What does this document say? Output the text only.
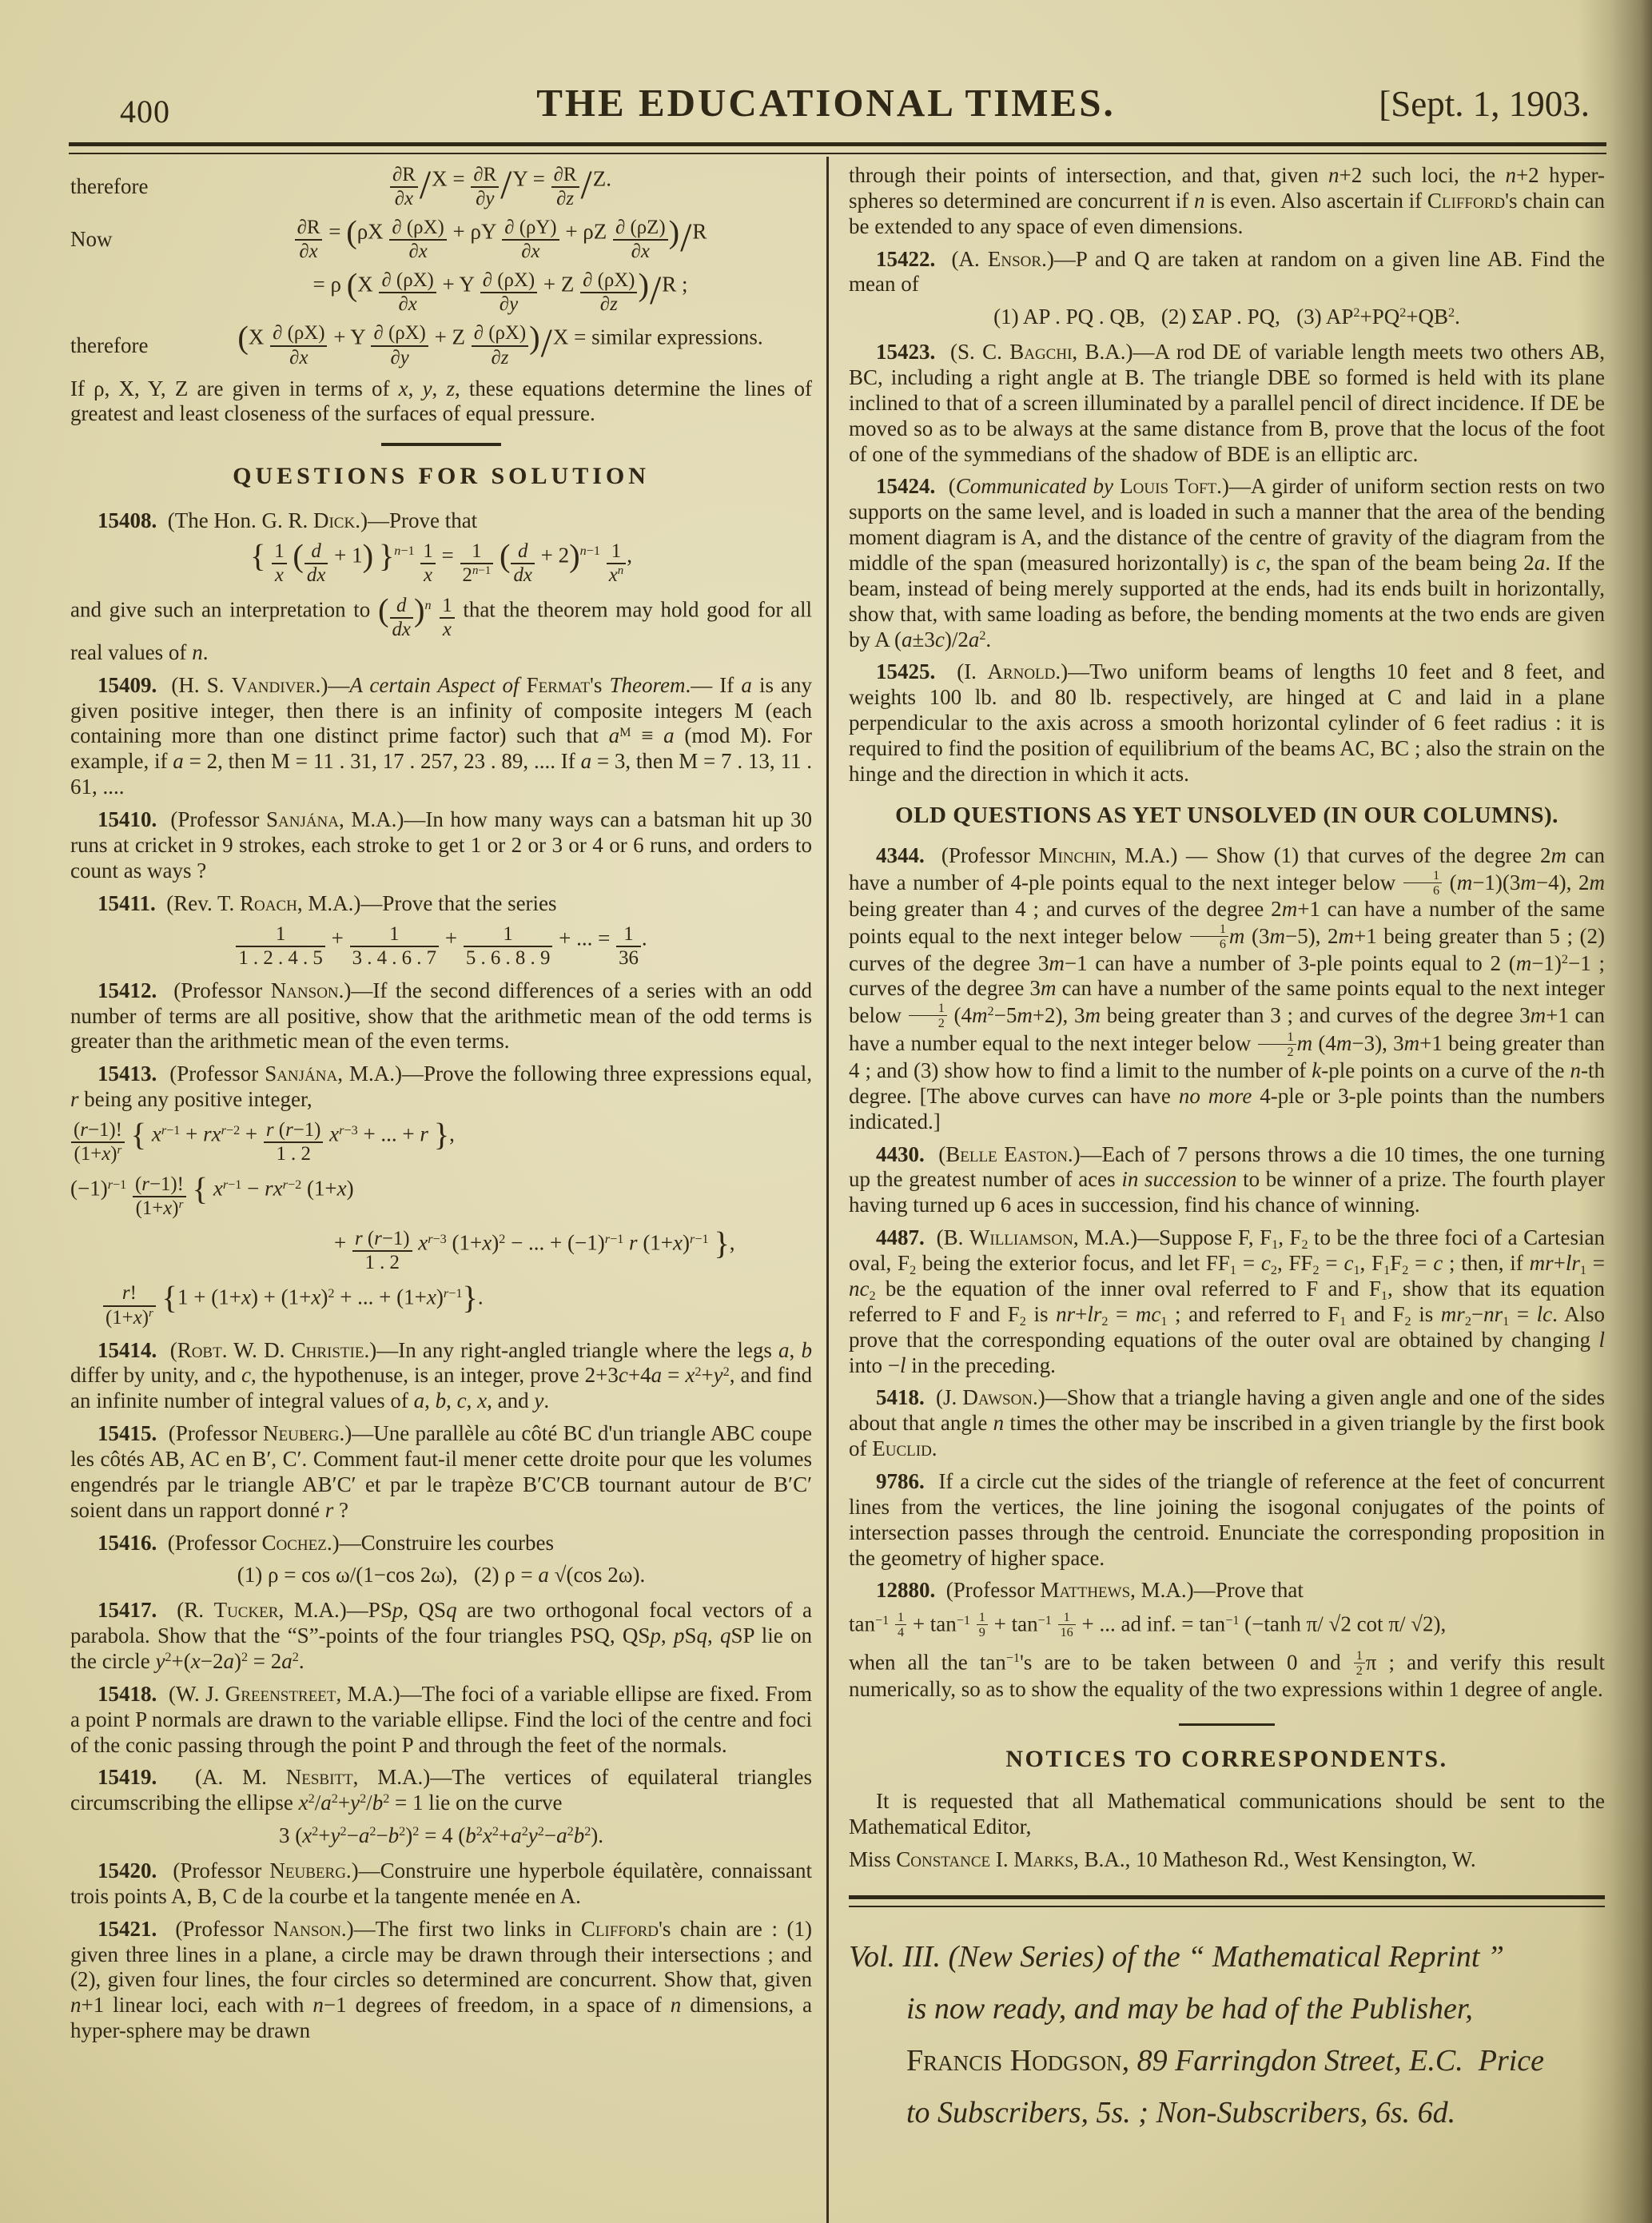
400	THE EDUCATIONAL TIMES.	[Sept. 1, 1903.
therefore	$\frac{\partial R}{\partial x} /X = \frac{\partial R}{\partial y} /Y = \frac{\partial R}{\partial z} /Z$.
Now	$\frac{\partial R}{\partial x} = (\rho X \frac{\partial (\rho X)}{\partial x} + \rho Y \frac{\partial (\rho Y)}{\partial x} + \rho Z \frac{\partial (\rho Z)}{\partial x} )/R$
= ρ $(X \frac{\partial (\rho X)}{\partial x} + Y \frac{\partial (\rho X)}{\partial y} + Z \frac{\partial (\rho X)}{\partial z} )/R$ ;
therefore	$(X \frac{\partial (\rho X)}{\partial x} + Y \frac{\partial (\rho X)}{\partial y} + Z \frac{\partial (\rho X)}{\partial z} )/X$ = similar expressions.

If ρ, X, Y, Z are given in terms of x, y, z, these equations determine the lines of greatest and least closeness of the surfaces of equal pressure.

QUESTIONS FOR SOLUTION

15408. (The Hon. G. R. Dick.)—Prove that

{ $\frac{1}{x}$ ( $\frac{d}{dx} + 1$) }$^{n-1} \frac{1}{x} = \frac{1}{2^{n-1}}$ ( $\frac{d}{dx} + 2)^{n-1} \frac{1}{x^n}$ ,

and give such an interpretation to ( $\frac{d}{dx} )^n \frac{1}{x}$ that the theorem may hold good for all real values of n.

15409. (H. S. Vandiver.)—A certain Aspect of Fermat's Theorem.— If a is any given positive integer, then there is an infinity of composite integers M (each containing more than one distinct prime factor) such that $a^M \equiv a$ (mod M). For example, if a = 2, then M = 11 . 31, 17 . 257, 23 . 89, .... If a = 3, then M = 7 . 13, 11 . 61, ....

15410. (Professor Sanjána, M.A.)—In how many ways can a batsman hit up 30 runs at cricket in 9 strokes, each stroke to get 1 or 2 or 3 or 4 or 6 runs, and orders to count as ways ?

15411. (Rev. T. Roach, M.A.)—Prove that the series

$\frac{1}{1 . 2 . 4 . 5} + \frac{1}{3 . 4 . 6 . 7} + \frac{1}{5 . 6 . 8 . 9}$ + ... = $\frac{1}{36}$ .

15412. (Professor Nanson.)—If the second differences of a series with an odd number of terms are all positive, show that the arithmetic mean of the odd terms is greater than the arithmetic mean of the even terms.

15413. (Professor Sanjána, M.A.)—Prove the following three expressions equal, r being any positive integer,

$\frac{(r-1)!}{(1+x)^r}$ { $x^{r-1} + rx^{r-2} + \frac{r (r-1)}{1 . 2} x^{r-3}$ + ... + r },
$(-1)^{r-1} \frac{(r-1)!}{(1+x)^r}$ { $x^{r-1} - rx^{r-2}$ (1+x)
+ $\frac{r (r-1)}{1 . 2} x^{r-3}$ $(1+x)^2$ − ... + $(-1)^{r-1}$ r $(1+x)^{r-1}$ },
$\frac{r!}{(1+x)^r} \{1 + (1+x) + (1+x)^2$ + ... + $(1+x)^{r-1}$}.

15414. (Robt. W. D. Christie.)—In any right-angled triangle where the legs a, b differ by unity, and c, the hypothenuse, is an integer, prove $2+3c+4a = x^2+y^2$, and find an infinite number of integral values of a, b, c, x, and y.

15415. (Professor Neuberg.)—Une parallèle au côté BC d'un triangle ABC coupe les côtés AB, AC en B′, C′. Comment faut-il mener cette droite pour que les volumes engendrés par le triangle AB′C′ et par le trapèze B′C′CB tournant autour de B′C′ soient dans un rapport donné r ?

15416. (Professor Cochez.)—Construire les courbes

(1) ρ = cos ω/(1−cos 2ω),   (2) ρ = a √(cos 2ω).

15417. (R. Tucker, M.A.)—PSp, QSq are two orthogonal focal vectors of a parabola. Show that the “S”-points of the four triangles PSQ, QSp, pSq, qSP lie on the circle $y^2+(x-2a)^2 = 2a^2$.

15418. (W. J. Greenstreet, M.A.)—The foci of a variable ellipse are fixed. From a point P normals are drawn to the variable ellipse. Find the loci of the centre and foci of the conic passing through the point P and through the feet of the normals.

15419. (A. M. Nesbitt, M.A.)—The vertices of equilateral triangles circumscribing the ellipse $x^2/a^2+y^2/b^2 = 1$ lie on the curve

3 $(x^2+y^2-a^2-b^2)^2 = 4$ $(b^2x^2+a^2y^2-a^2b^2)$.

15420. (Professor Neuberg.)—Construire une hyperbole équilatère, connaissant trois points A, B, C de la courbe et la tangente menée en A.

15421. (Professor Nanson.)—The first two links in Clifford's chain are : (1) given three lines in a plane, a circle may be drawn through their intersections ; and (2), given four lines, the four circles so determined are concurrent. Show that, given n+1 linear loci, each with n−1 degrees of freedom, in a space of n dimensions, a hyper-sphere may be drawn

through their points of intersection, and that, given n+2 such loci, the n+2 hyper-spheres so determined are concurrent if n is even. Also ascertain if Clifford's chain can be extended to any space of even dimensions.

15422. (A. Ensor.)—P and Q are taken at random on a given line AB. Find the mean of

(1) AP . PQ . QB,   (2) ΣAP . PQ,   (3) $AP^2+PQ^2+QB^2$.

15423. (S. C. Bagchi, B.A.)—A rod DE of variable length meets two others AB, BC, including a right angle at B. The triangle DBE so formed is held with its plane inclined to that of a screen illuminated by a parallel pencil of direct incidence. If DE be moved so as to be always at the same distance from B, prove that the locus of the foot of one of the symmedians of the shadow of BDE is an elliptic arc.

15424. (Communicated by Louis Toft.)—A girder of uniform section rests on two supports on the same level, and is loaded in such a manner that the area of the bending moment diagram is A, and the distance of the centre of gravity of the diagram from the middle of the span (measured horizontally) is c, the span of the beam being 2a. If the beam, instead of being merely supported at the ends, had its ends built in horizontally, show that, with same loading as before, the bending moments at the two ends are given by A $(a\pm 3c)/2a^2$.

15425. (I. Arnold.)—Two uniform beams of lengths 10 feet and 8 feet, and weights 100 lb. and 80 lb. respectively, are hinged at C and laid in a plane perpendicular to the axis across a smooth horizontal cylinder of 6 feet radius : it is required to find the position of equilibrium of the beams AC, BC ; also the strain on the hinge and the direction in which it acts.

OLD QUESTIONS AS YET UNSOLVED (IN OUR COLUMNS).

4344. (Professor Minchin, M.A.) — Show (1) that curves of the degree 2m can have a number of 4-ple points equal to the next integer below $\frac{1}{6} (m-1)(3m-4)$, 2m being greater than 4 ; and curves of the degree 2m+1 can have a number of the same points equal to the next integer below $\frac{1}{6}$ m (3m−5), 2m+1 being greater than 5 ; (2) curves of the degree 3m−1 can have a number of 3-ple points equal to 2 $(m-1)^2-1$ ; curves of the degree 3m can have a number of the same points equal to the next integer below $\frac{1}{2} (4m^2-5m+2)$, 3m being greater than 3 ; and curves of the degree 3m+1 can have a number equal to the next integer below $\frac{1}{2}$ m (4m−3), 3m+1 being greater than 4 ; and (3) show how to find a limit to the number of k-ple points on a curve of the n-th degree. [The above curves can have no more 4-ple or 3-ple points than the numbers indicated.]

4430. (Belle Easton.)—Each of 7 persons throws a die 10 times, the one turning up the greatest number of aces in succession to be winner of a prize. The fourth player having turned up 6 aces in succession, find his chance of winning.

4487. (B. Williamson, M.A.)—Suppose F, $F_1$, $F_2$ to be the three foci of a Cartesian oval, $F_2$ being the exterior focus, and let $FF_1 = c_2$, $FF_2 = c_1$, $F_1F_2 = c$ ; then, if $mr+lr_1 = nc_2$ be the equation of the inner oval referred to F and $F_1$, show that its equation referred to F and $F_2$ is $nr+lr_2 = mc_1$ ; and referred to $F_1$ and $F_2$ is $mr_2-nr_1$ = lc. Also prove that the corresponding equations of the outer oval are obtained by changing l into −l in the preceding.

5418. (J. Dawson.)—Show that a triangle having a given angle and one of the sides about that angle n times the other may be inscribed in a given triangle by the first book of Euclid.

9786. If a circle cut the sides of the triangle of reference at the feet of concurrent lines from the vertices, the line joining the isogonal conjugates of the points of intersection passes through the centroid. Enunciate the corresponding proposition in the geometry of higher space.

12880. (Professor Matthews, M.A.)—Prove that

$\tan^{-1} \frac{1}{4} + \tan^{-1} \frac{1}{9} + \tan^{-1} \frac{1}{16}$ + ... ad inf. = $\tan^{-1} (-\tanh$ π/ √2 cot π/ √2),

when all the $\tan^{-1}'s$ are to be taken between 0 and $\frac{1}{2}$ π ; and verify this result numerically, so as to show the equality of the two expressions within 1 degree of angle.

NOTICES TO CORRESPONDENTS.

It is requested that all Mathematical communications should be sent to the Mathematical Editor,

Miss Constance I. Marks, B.A., 10 Matheson Rd., West Kensington, W.

Vol. III. (New Series) of the “ Mathematical Reprint ”
is now ready, and may be had of the Publisher,
Francis Hodgson, 89 Farringdon Street, E.C.  Price
to Subscribers, 5s. ; Non-Subscribers, 6s. 6d.
